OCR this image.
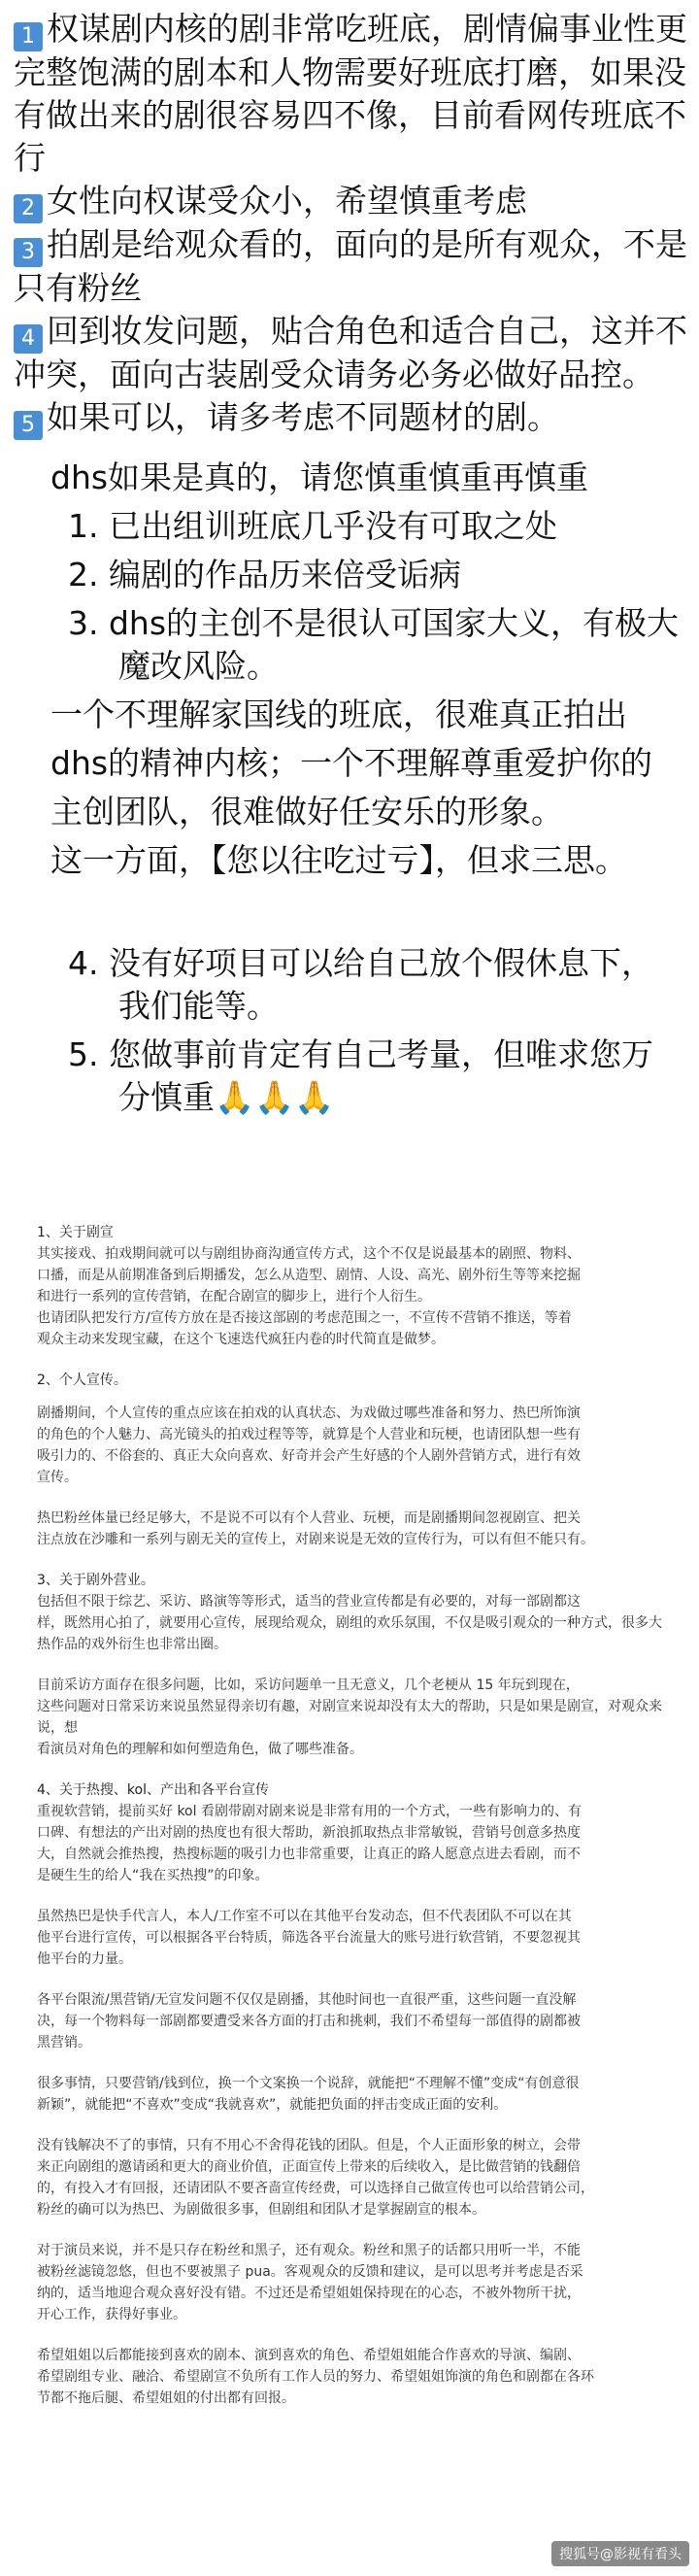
1 权谋剧内核的剧非常吃班底，剧情偏事业性更完整饱满的剧本和人物需要好班底打磨，如果没有做出来的剧很容易四不像，目前看网传班底不行

2 女性向权谋受众小，希望慎重考虑

3 拍剧是给观众看的，面向的是所有观众，不是只有粉丝

4 回到妆发问题，贴合角色和适合自己，这并不冲突，面向古装剧受众请务必务必做好品控。

5 如果可以，请多考虑不同题材的剧。

dhs如果是真的，请您慎重慎重再慎重

1. 已出组训班底几乎没有可取之处

2. 编剧的作品历来倍受诟病

3. dhs的主创不是很认可国家大义，有极大

魔改风险。

一个不理解家国线的班底，很难真正拍出

dhs的精神内核；一个不理解尊重爱护你的

主创团队，很难做好任安乐的形象。

这一方面，【您以往吃过亏】，但求三思。

4. 没有好项目可以给自己放个假休息下，

我们能等。

5. 您做事前肯定有自己考量，但唯求您万

分慎重🙏🙏🙏

1、关于剧宣

其实接戏、拍戏期间就可以与剧组协商沟通宣传方式，这个不仅是说最基本的剧照、物料、

口播，而是从前期准备到后期播发，怎么从造型、剧情、人设、高光、剧外衍生等等来挖掘

和进行一系列的宣传营销，在配合剧宣的脚步上，进行个人衍生。

也请团队把发行方/宣传方放在是否接这部剧的考虑范围之一，不宣传不营销不推送，等着

观众主动来发现宝藏，在这个飞速迭代疯狂内卷的时代简直是做梦。

2、个人宣传。

剧播期间，个人宣传的重点应该在拍戏的认真状态、为戏做过哪些准备和努力、热巴所饰演

的角色的个人魅力、高光镜头的拍戏过程等等，就算是个人营业和玩梗，也请团队想一些有

吸引力的、不俗套的、真正大众向喜欢、好奇并会产生好感的个人剧外营销方式，进行有效

宣传。

热巴粉丝体量已经足够大，不是说不可以有个人营业、玩梗，而是剧播期间忽视剧宣、把关

注点放在沙雕和一系列与剧无关的宣传上，对剧来说是无效的宣传行为，可以有但不能只有。

3、关于剧外营业。

包括但不限于综艺、采访、路演等等形式，适当的营业宣传都是有必要的，对每一部剧都这

样，既然用心拍了，就要用心宣传，展现给观众，剧组的欢乐氛围，不仅是吸引观众的一种方式，很多大

热作品的戏外衍生也非常出圈。

目前采访方面存在很多问题，比如，采访问题单一且无意义，几个老梗从 15 年玩到现在，

这些问题对日常采访来说虽然显得亲切有趣，对剧宣来说却没有太大的帮助，只是如果是剧宣，对观众来说，想

看演员对角色的理解和如何塑造角色，做了哪些准备。

4、关于热搜、kol、产出和各平台宣传

重视软营销，提前买好 kol 看剧带剧对剧来说是非常有用的一个方式，一些有影响力的、有

口碑、有想法的产出对剧的热度也有很大帮助，新浪抓取热点非常敏锐，营销号创意多热度

大，自然就会推热搜，热搜标题的吸引力也非常重要，让真正的路人愿意点进去看剧，而不

是硬生生的给人“我在买热搜”的印象。

虽然热巴是快手代言人，本人/工作室不可以在其他平台发动态，但不代表团队不可以在其

他平台进行宣传，可以根据各平台特质，筛选各平台流量大的账号进行软营销，不要忽视其

他平台的力量。

各平台限流/黑营销/无宣发问题不仅仅是剧播，其他时间也一直很严重，这些问题一直没解

决，每一个物料每一部剧都要遭受来各方面的打击和挑刺，我们不希望每一部值得的剧都被

黑营销。

很多事情，只要营销/钱到位，换一个文案换一个说辞，就能把“不理解不懂”变成“有创意很

新颖”，就能把“不喜欢”变成“我就喜欢”，就能把负面的抨击变成正面的安利。

没有钱解决不了的事情，只有不用心不舍得花钱的团队。但是，个人正面形象的树立，会带

来正向剧组的邀请函和更大的商业价值，正面宣传上带来的后续收入，是比做营销的钱翻倍

的，有投入才有回报，还请团队不要吝啬宣传经费，可以选择自己做宣传也可以给营销公司，

粉丝的确可以为热巴、为剧做很多事，但剧组和团队才是掌握剧宣的根本。

对于演员来说，并不是只存在粉丝和黑子，还有观众。粉丝和黑子的话都只用听一半，不能

被粉丝滤镜忽悠，但也不要被黑子 pua。客观观众的反馈和建议，是可以思考并考虑是否采

纳的，适当地迎合观众喜好没有错。不过还是希望姐姐保持现在的心态，不被外物所干扰，

开心工作，获得好事业。

希望姐姐以后都能接到喜欢的剧本、演到喜欢的角色、希望姐姐能合作喜欢的导演、编剧、

希望剧组专业、融洽、希望剧宣不负所有工作人员的努力、希望姐姐饰演的角色和剧都在各环

节都不拖后腿、希望姐姐的付出都有回报。

搜狐号@影视有看头
